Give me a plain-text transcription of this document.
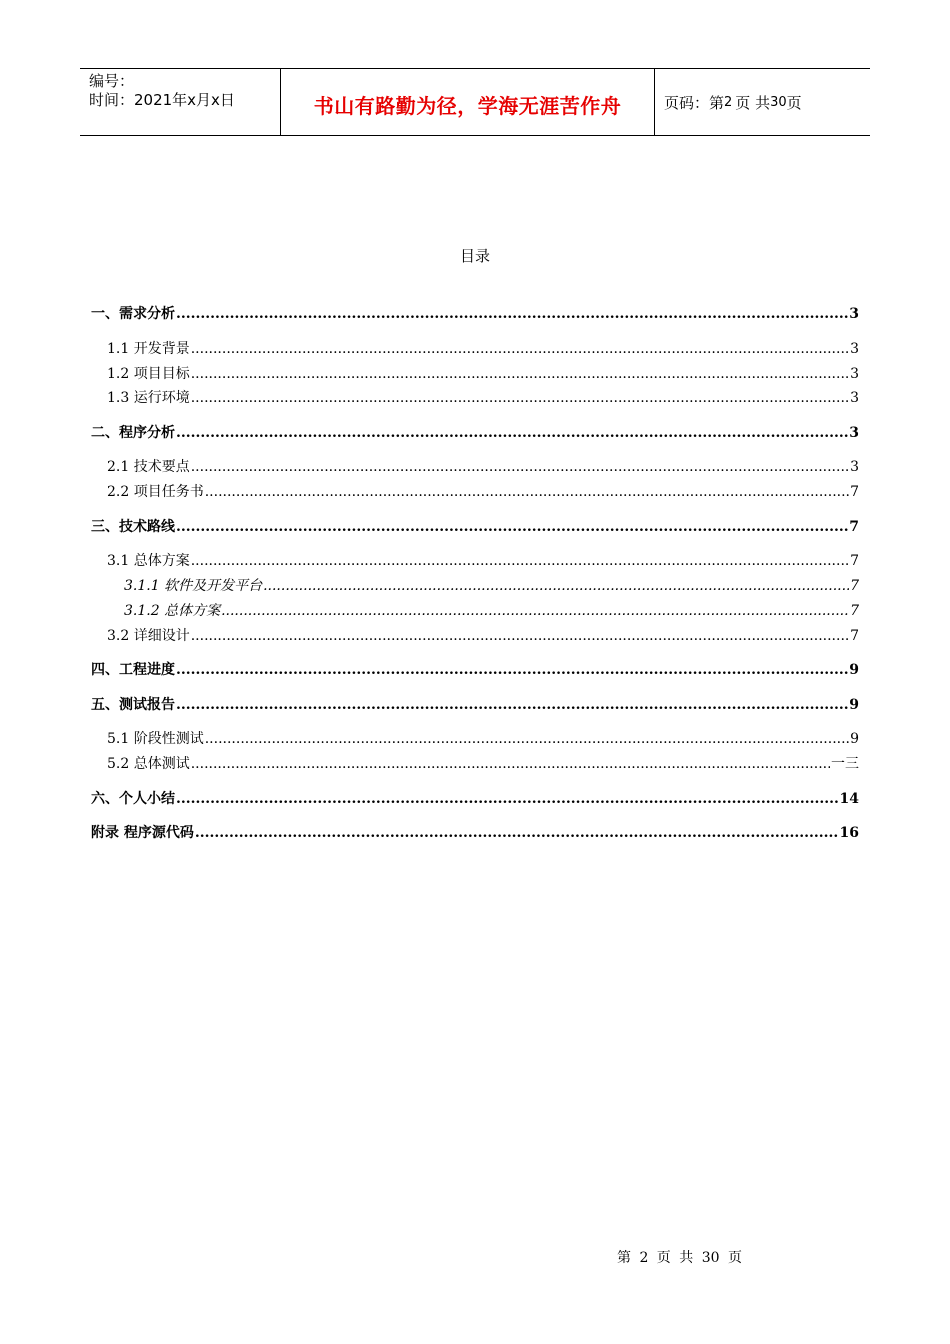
编号：
时间：2021年x月x日	书山有路勤为径，学海无涯苦作舟	页码：第 2 页 共 30 页
目录
一、需求分析 .....	3
1.1 开发背景 .....	3
1.2 项目目标 .....	3
1.3 运行环境 .....	3
二、程序分析 .....	3
2.1 技术要点 .....	3
2.2 项目任务书 .....	7
三、技术路线 .....	7
3.1 总体方案 .....	7
3.1.1 软件及开发平台 .....	7
3.1.2 总体方案 .....	7
3.2 详细设计 .....	7
四、工程进度 .....	9
五、测试报告 .....	9
5.1 阶段性测试 .....	9
5.2 总体测试 .....	一三
六、个人小结 .....	14
附录 程序源代码 .....	16
第 2 页 共 30 页
